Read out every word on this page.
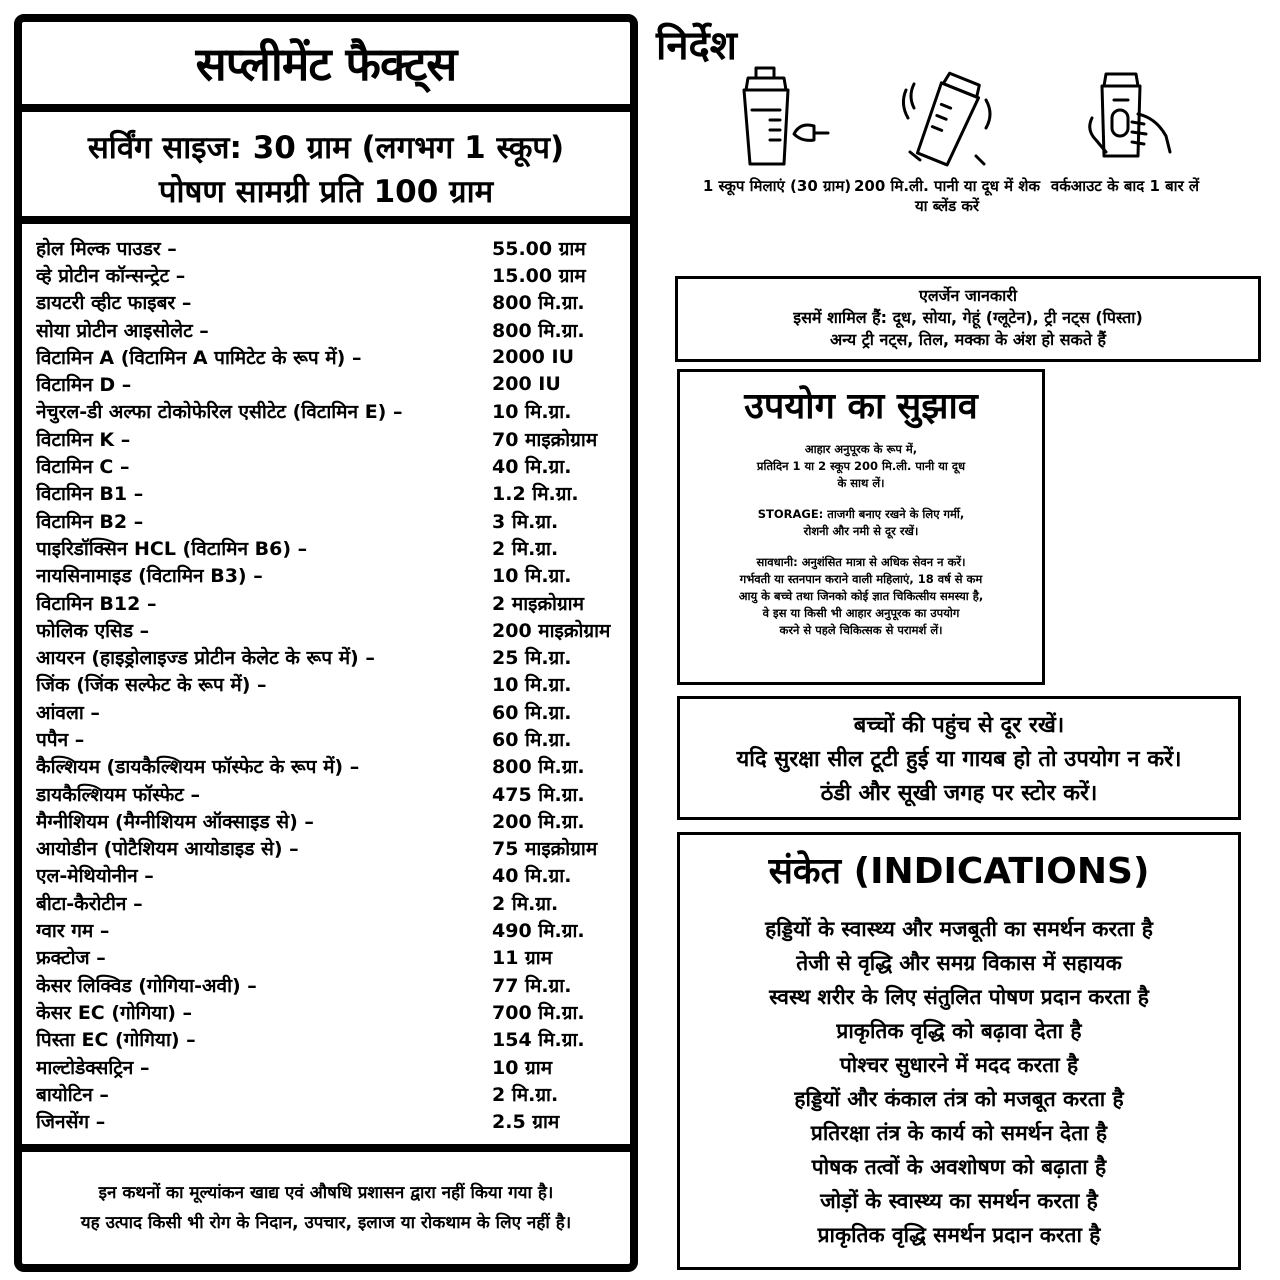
सप्लीमेंट फैक्ट्स
सर्विंग साइज: 30 ग्राम (लगभग 1 स्कूप)
पोषण सामग्री प्रति 100 ग्राम
होल मिल्क पाउडर –	55.00 ग्राम
व्हे प्रोटीन कॉन्सन्ट्रेट –	15.00 ग्राम
डायटरी व्हीट फाइबर –	800 मि.ग्रा.
सोया प्रोटीन आइसोलेट –	800 मि.ग्रा.
विटामिन A (विटामिन A पामिटेट के रूप में) –	2000 IU
विटामिन D –	200 IU
नेचुरल-डी अल्फा टोकोफेरिल एसीटेट (विटामिन E) –	10 मि.ग्रा.
विटामिन K –	70 माइक्रोग्राम
विटामिन C –	40 मि.ग्रा.
विटामिन B1 –	1.2 मि.ग्रा.
विटामिन B2 –	3 मि.ग्रा.
पाइरिडॉक्सिन HCL (विटामिन B6) –	2 मि.ग्रा.
नायसिनामाइड (विटामिन B3) –	10 मि.ग्रा.
विटामिन B12 –	2 माइक्रोग्राम
फोलिक एसिड –	200 माइक्रोग्राम
आयरन (हाइड्रोलाइज्ड प्रोटीन केलेट के रूप में) –	25 मि.ग्रा.
जिंक (जिंक सल्फेट के रूप में) –	10 मि.ग्रा.
आंवला –	60 मि.ग्रा.
पपैन –	60 मि.ग्रा.
कैल्शियम (डायकैल्शियम फॉस्फेट के रूप में) –	800 मि.ग्रा.
डायकैल्शियम फॉस्फेट –	475 मि.ग्रा.
मैग्नीशियम (मैग्नीशियम ऑक्साइड से) –	200 मि.ग्रा.
आयोडीन (पोटैशियम आयोडाइड से) –	75 माइक्रोग्राम
एल-मेथियोनीन –	40 मि.ग्रा.
बीटा-कैरोटीन –	2 मि.ग्रा.
ग्वार गम –	490 मि.ग्रा.
फ्रक्टोज –	11 ग्राम
केसर लिक्विड (गोगिया-अवी) –	77 मि.ग्रा.
केसर EC (गोगिया) –	700 मि.ग्रा.
पिस्ता EC (गोगिया) –	154 मि.ग्रा.
माल्टोडेक्सट्रिन –	10 ग्राम
बायोटिन –	2 मि.ग्रा.
जिनसेंग –	2.5 ग्राम
इन कथनों का मूल्यांकन खाद्य एवं औषधि प्रशासन द्वारा नहीं किया गया है।
यह उत्पाद किसी भी रोग के निदान, उपचार, इलाज या रोकथाम के लिए नहीं है।
निर्देश
1 स्कूप मिलाएं (30 ग्राम) 200 मि.ली. पानी या दूध में शेक या ब्लेंड करें
वर्कआउट के बाद 1 बार लें
एलर्जेन जानकारी
इसमें शामिल हैं: दूध, सोया, गेहूं (ग्लूटेन), ट्री नट्स (पिस्ता)
अन्य ट्री नट्स, तिल, मक्का के अंश हो सकते हैं
उपयोग का सुझाव

आहार अनुपूरक के रूप में,
प्रतिदिन 1 या 2 स्कूप 200 मि.ली. पानी या दूध
के साथ लें।

STORAGE: ताजगी बनाए रखने के लिए गर्मी,
रोशनी और नमी से दूर रखें।

सावधानी: अनुशंसित मात्रा से अधिक सेवन न करें।
गर्भवती या स्तनपान कराने वाली महिलाएं, 18 वर्ष से कम
आयु के बच्चे तथा जिनको कोई ज्ञात चिकित्सीय समस्या है,
वे इस या किसी भी आहार अनुपूरक का उपयोग
करने से पहले चिकित्सक से परामर्श लें।

बच्चों की पहुंच से दूर रखें।
यदि सुरक्षा सील टूटी हुई या गायब हो तो उपयोग न करें।
ठंडी और सूखी जगह पर स्टोर करें।
संकेत (INDICATIONS)
हड्डियों के स्वास्थ्य और मजबूती का समर्थन करता है
तेजी से वृद्धि और समग्र विकास में सहायक
स्वस्थ शरीर के लिए संतुलित पोषण प्रदान करता है
प्राकृतिक वृद्धि को बढ़ावा देता है
पोश्चर सुधारने में मदद करता है
हड्डियों और कंकाल तंत्र को मजबूत करता है
प्रतिरक्षा तंत्र के कार्य को समर्थन देता है
पोषक तत्वों के अवशोषण को बढ़ाता है
जोड़ों के स्वास्थ्य का समर्थन करता है
प्राकृतिक वृद्धि समर्थन प्रदान करता है
